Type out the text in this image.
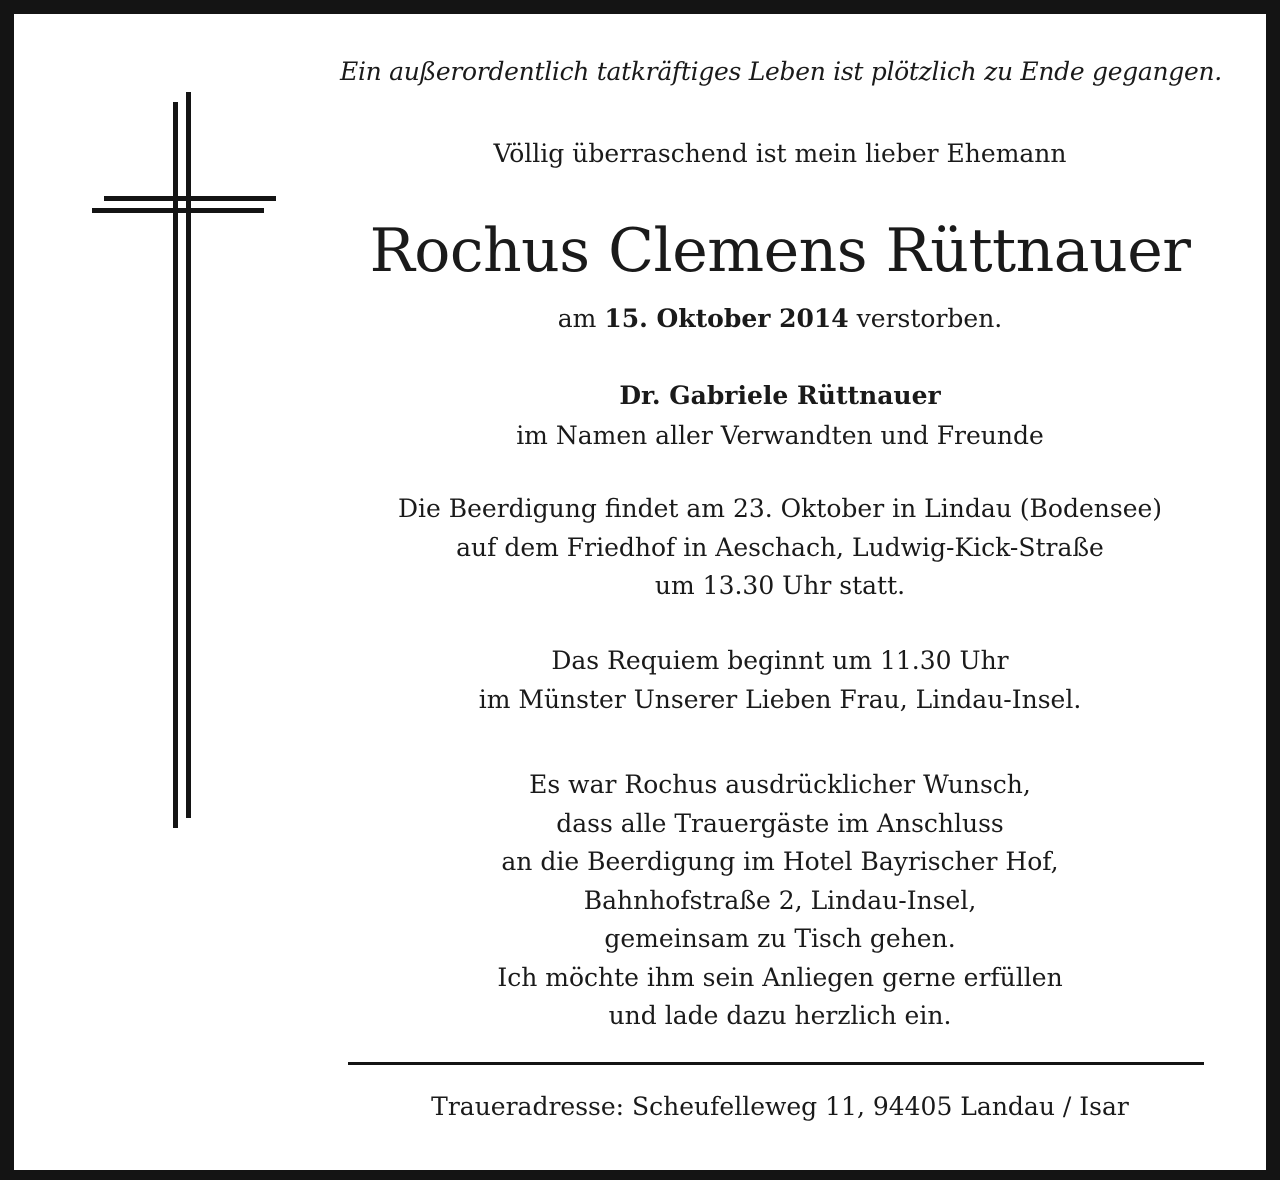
Ein außerordentlich tatkräftiges Leben ist plötzlich zu Ende gegangen.
Völlig überraschend ist mein lieber Ehemann
Rochus Clemens Rüttnauer
am 15. Oktober 2014 verstorben.
Dr. Gabriele Rüttnauer
im Namen aller Verwandten und Freunde
Die Beerdigung findet am 23. Oktober in Lindau (Bodensee)
auf dem Friedhof in Aeschach, Ludwig-Kick-Straße
um 13.30 Uhr statt.
Das Requiem beginnt um 11.30 Uhr
im Münster Unserer Lieben Frau, Lindau-Insel.
Es war Rochus ausdrücklicher Wunsch,
dass alle Trauergäste im Anschluss
an die Beerdigung im Hotel Bayrischer Hof,
Bahnhofstraße 2, Lindau-Insel,
gemeinsam zu Tisch gehen.
Ich möchte ihm sein Anliegen gerne erfüllen
und lade dazu herzlich ein.
Traueradresse: Scheufelleweg 11, 94405 Landau / Isar
